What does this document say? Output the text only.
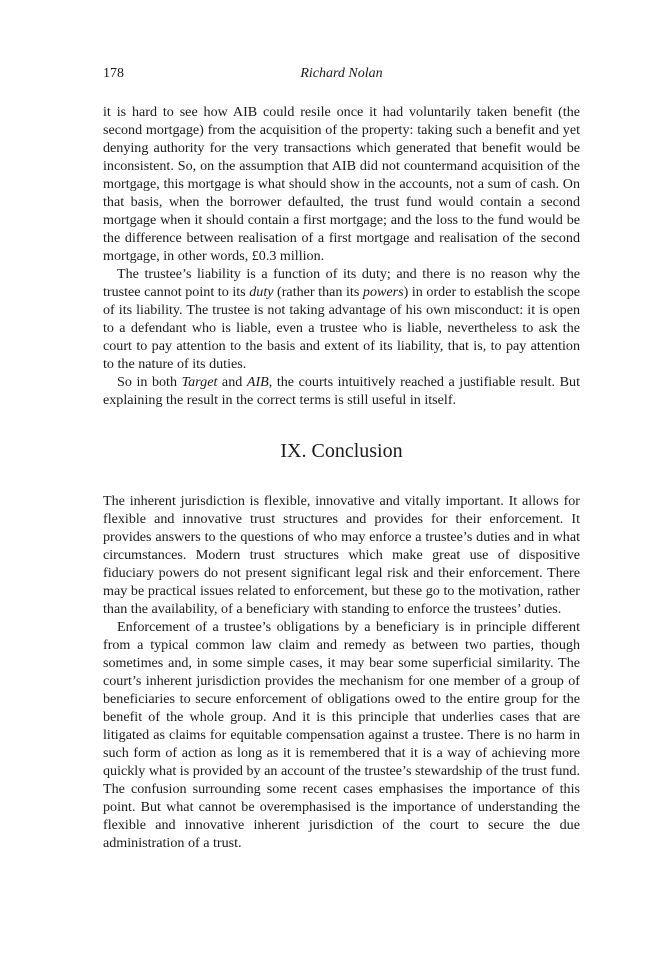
178	Richard Nolan

it is hard to see how AIB could resile once it had voluntarily taken benefit (the second mortgage) from the acquisition of the property: taking such a benefit and yet denying authority for the very transactions which generated that benefit would be inconsistent. So, on the assumption that AIB did not countermand acquisition of the mortgage, this mortgage is what should show in the accounts, not a sum of cash. On that basis, when the borrower defaulted, the trust fund would contain a second mortgage when it should contain a first mortgage; and the loss to the fund would be the difference between realisation of a first mortgage and realisation of the second mortgage, in other words, £0.3 million.

The trustee’s liability is a function of its duty; and there is no reason why the trustee cannot point to its duty (rather than its powers) in order to establish the scope of its liability. The trustee is not taking advantage of his own misconduct: it is open to a defendant who is liable, even a trustee who is liable, nevertheless to ask the court to pay attention to the basis and extent of its liability, that is, to pay attention to the nature of its duties.

So in both Target and AIB, the courts intuitively reached a justifiable result. But explaining the result in the correct terms is still useful in itself.

IX. Conclusion

The inherent jurisdiction is flexible, innovative and vitally important. It allows for flexible and innovative trust structures and provides for their enforcement. It provides answers to the questions of who may enforce a trustee’s duties and in what circumstances. Modern trust structures which make great use of dispositive fiduciary powers do not present significant legal risk and their enforcement. There may be practical issues related to enforcement, but these go to the motivation, rather than the availability, of a beneficiary with standing to enforce the trustees’ duties.

Enforcement of a trustee’s obligations by a beneficiary is in principle different from a typical common law claim and remedy as between two parties, though sometimes and, in some simple cases, it may bear some superficial similarity. The court’s inherent jurisdiction provides the mechanism for one member of a group of beneficiaries to secure enforcement of obligations owed to the entire group for the benefit of the whole group. And it is this principle that underlies cases that are litigated as claims for equitable compensation against a trustee. There is no harm in such form of action as long as it is remembered that it is a way of achieving more quickly what is provided by an account of the trustee’s stewardship of the trust fund. The confusion surrounding some recent cases emphasises the importance of this point. But what cannot be overemphasised is the importance of understanding the flexible and innovative inherent jurisdiction of the court to secure the due administration of a trust.
